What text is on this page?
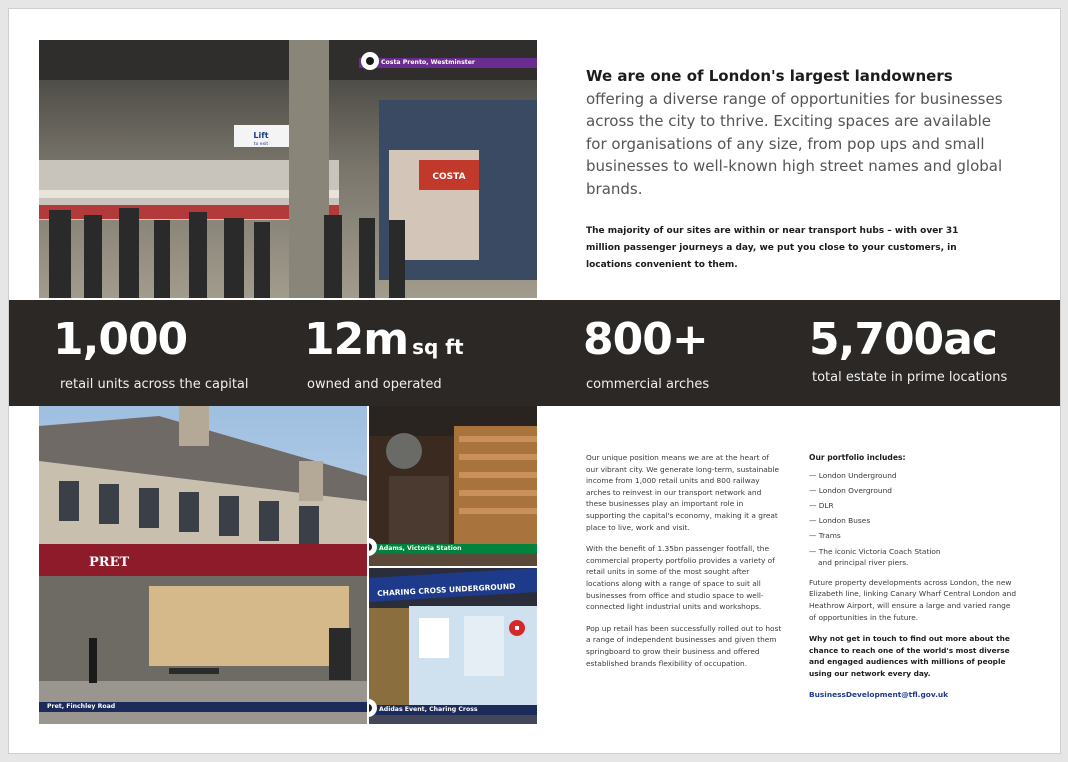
Lift
to exit
COSTA
Costa Prento, Westminster
We are one of London's largest landowners
offering a diverse range of opportunities for businesses across the city to thrive. Exciting spaces are available for organisations of any size, from pop ups and small businesses to well-known high street names and global brands.
The majority of our sites are within or near transport hubs – with over 31 million passenger journeys a day, we put you close to your customers, in locations convenient to them.
1,000
retail units across the capital
12m sq ft
owned and operated
800+
commercial arches
5,700ac
total estate in prime locations
PRET
Pret, Finchley Road
Adams, Victoria Station
CHARING CROSS UNDERGROUND
Adidas Event, Charing Cross

Our unique position means we are at the heart of our vibrant city. We generate long-term, sustainable income from 1,000 retail units and 800 railway arches to reinvest in our transport network and these businesses play an important role in supporting the capital's economy, making it a great place to live, work and visit.

With the benefit of 1.35bn passenger footfall, the commercial property portfolio provides a variety of retail units in some of the most sought after locations along with a range of space to suit all businesses from office and studio space to well-connected light industrial units and workshops.

Pop up retail has been successfully rolled out to host a range of independent businesses and given them springboard to grow their business and offered established brands flexibility of occupation.

Our portfolio includes:
— London Underground
— London Overground
— DLR
— London Buses
— Trams
— The iconic Victoria Coach Station
and principal river piers.

Future property developments across London, the new Elizabeth line, linking Canary Wharf Central London and Heathrow Airport, will ensure a large and varied range of opportunities in the future.

Why not get in touch to find out more about the chance to reach one of the world's most diverse and engaged audiences with millions of people using our network every day.

BusinessDevelopment@tfl.gov.uk
